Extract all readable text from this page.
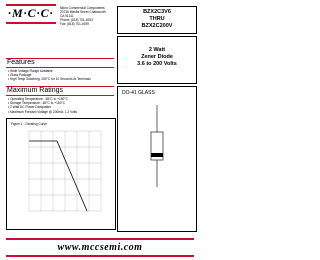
·M·C·C· Micro Commercial Components
20736 Marilla Street Chatsworth
CA 91311
Phone: (818) 701-4933
Fax: (818) 701-4939
BZX2C3V6
THRU
BZX2C200V
2 Watt
Zener Diode
3.6 to 200 Volts
Features
• Wide Voltage Range Available
• Glass Package
• High Temp Soldering: 260°C for 10 Seconds At Terminals
Maximum Ratings
• Operating Temperature: -65°C to +150°C
• Storage Temperature: -65°C to +150°C
• 2 Watt DC Power Dissipation
• Maximum Forward Voltage @ 200mA: 1.2 Volts
Figure 1 - Derating Curve
DO-41 GLASS
www.mccsemi.com
